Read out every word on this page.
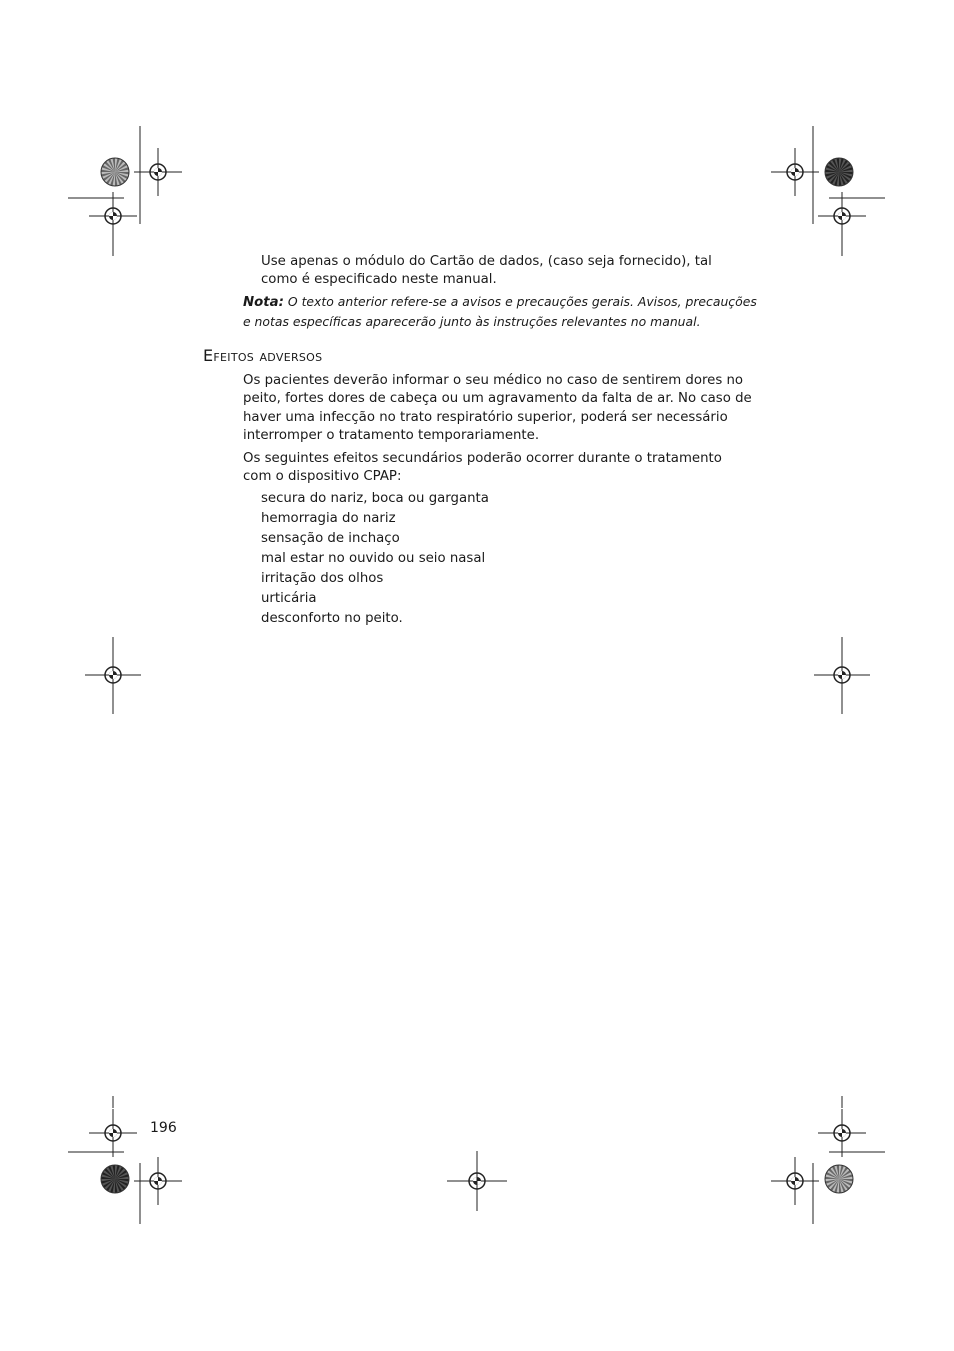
Use apenas o módulo do Cartão de dados, (caso seja fornecido), tal como é especificado neste manual.
Nota: O texto anterior refere-se a avisos e precauções gerais. Avisos, precauções e notas específicas aparecerão junto às instruções relevantes no manual.
Efeitos adversos
Os pacientes deverão informar o seu médico no caso de sentirem dores no peito, fortes dores de cabeça ou um agravamento da falta de ar. No caso de haver uma infecção no trato respiratório superior, poderá ser necessário interromper o tratamento temporariamente.
Os seguintes efeitos secundários poderão ocorrer durante o tratamento com o dispositivo CPAP:
secura do nariz, boca ou garganta
hemorragia do nariz
sensação de inchaço
mal estar no ouvido ou seio nasal
irritação dos olhos
urticária
desconforto no peito.
196
